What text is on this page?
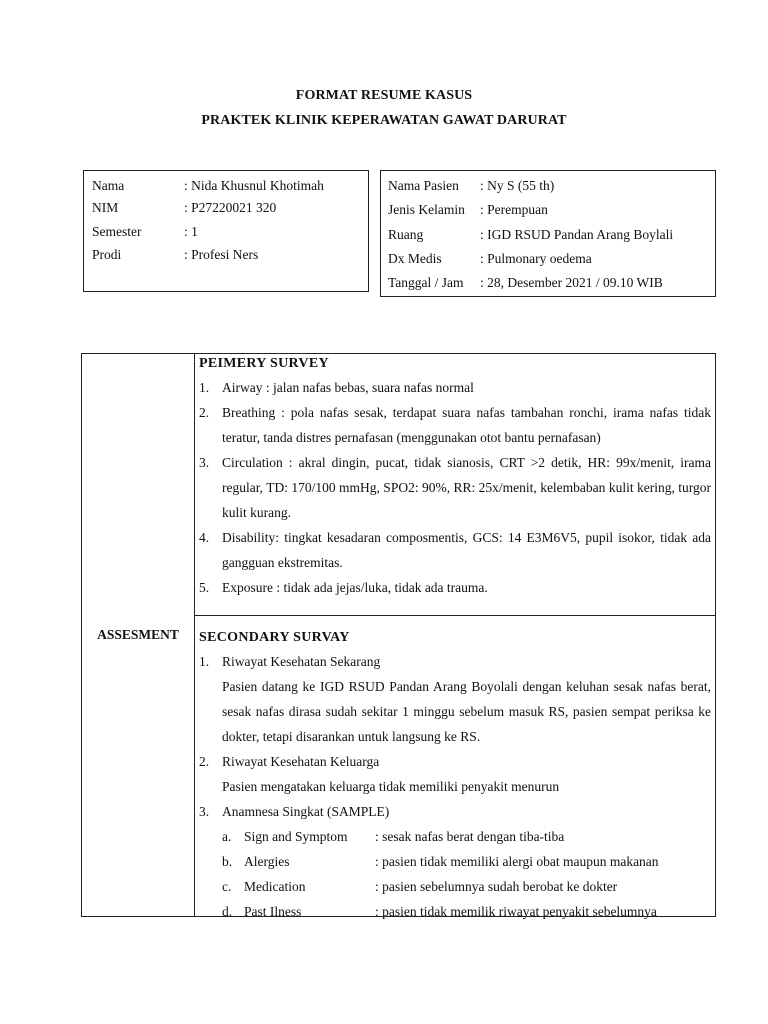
FORMAT RESUME KASUS
PRAKTEK KLINIK KEPERAWATAN GAWAT DARURAT
Nama	: Nida Khusnul Khotimah
NIM	: P27220021 320
Semester	: 1
Prodi	: Profesi Ners
Nama Pasien : Ny S (55 th)
Jenis Kelamin : Perempuan
Ruang	: IGD RSUD Pandan Arang Boylali
Dx Medis	: Pulmonary oedema
Tanggal / Jam : 28, Desember 2021 / 09.10 WIB
ASSESMENT	
PEIMERY SURVEY
1. Airway : jalan nafas bebas, suara nafas normal
2. Breathing : pola nafas sesak, terdapat suara nafas tambahan ronchi, irama nafas tidak teratur, tanda distres pernafasan (menggunakan otot bantu pernafasan)
3. Circulation : akral dingin, pucat, tidak sianosis, CRT >2 detik, HR: 99x/menit, irama regular, TD: 170/100 mmHg, SPO2: 90%, RR: 25x/menit, kelembaban kulit kering, turgor kulit kurang.
4. Disability: tingkat kesadaran composmentis, GCS: 14 E3M6V5, pupil isokor, tidak ada gangguan ekstremitas.
5. Exposure : tidak ada jejas/luka, tidak ada trauma.

SECONDARY SURVAY
1. Riwayat Kesehatan Sekarang
Pasien datang ke IGD RSUD Pandan Arang Boyolali dengan keluhan sesak nafas berat, sesak nafas dirasa sudah sekitar 1 minggu sebelum masuk RS, pasien sempat periksa ke dokter, tetapi disarankan untuk langsung ke RS.
2. Riwayat Kesehatan Keluarga
Pasien mengatakan keluarga tidak memiliki penyakit menurun
3. Anamnesa Singkat (SAMPLE)
a. Sign and Symptom	: sesak nafas berat dengan tiba-tiba
b. Alergies	: pasien tidak memiliki alergi obat maupun makanan
c. Medication	: pasien sebelumnya sudah berobat ke dokter
d. Past Ilness	: pasien tidak memilik riwayat penyakit sebelumnya
